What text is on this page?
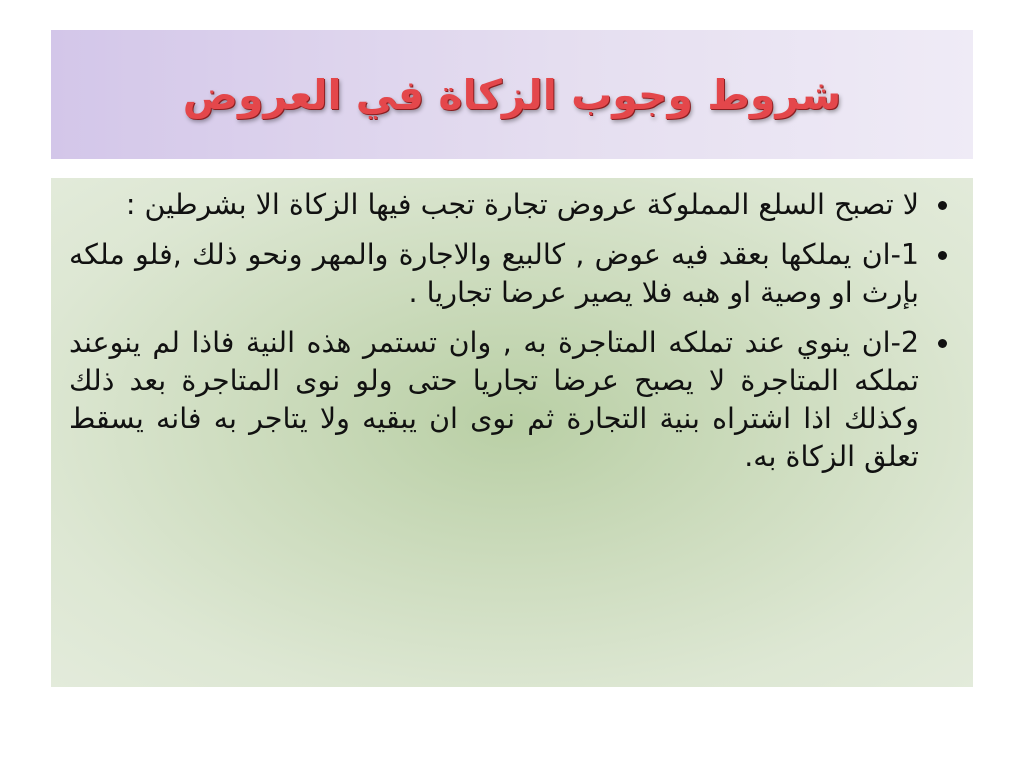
شروط وجوب الزكاة في العروض
لا تصبح السلع المملوكة عروض تجارة تجب فيها الزكاة الا بشرطين :
1-ان يملكها بعقد فيه عوض , كالبيع والاجارة والمهر ونحو ذلك ,فلو ملكه بإرث او وصية او هبه فلا يصير عرضا تجاريا .
2-ان ينوي عند تملكه المتاجرة به , وان تستمر هذه النية فاذا لم ينوعند تملكه المتاجرة لا يصبح عرضا تجاريا حتى ولو نوى المتاجرة بعد ذلك وكذلك اذا اشتراه بنية التجارة ثم نوى ان يبقيه ولا يتاجر به فانه يسقط تعلق الزكاة به.
